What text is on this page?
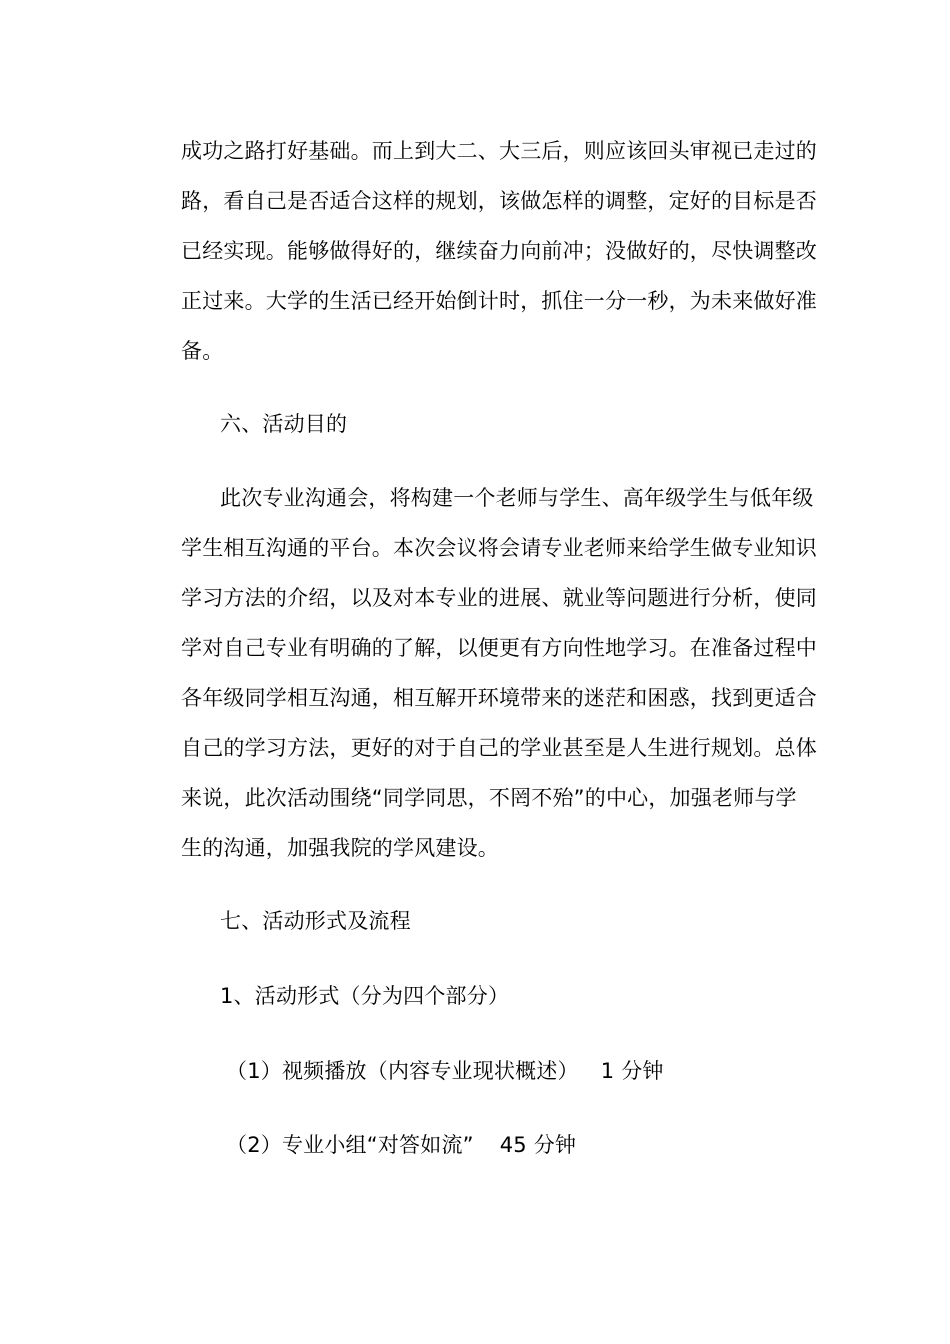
成功之路打好基础。而上到大二、大三后，则应该回头审视已走过的
路，看自己是否适合这样的规划，该做怎样的调整，定好的目标是否
已经实现。能够做得好的，继续奋力向前冲；没做好的，尽快调整改
正过来。大学的生活已经开始倒计时，抓住一分一秒，为未来做好准
备。
六、活动目的
此次专业沟通会，将构建一个老师与学生、高年级学生与低年级
学生相互沟通的平台。本次会议将会请专业老师来给学生做专业知识
学习方法的介绍，以及对本专业的进展、就业等问题进行分析，使同
学对自己专业有明确的了解，以便更有方向性地学习。在准备过程中
各年级同学相互沟通，相互解开环境带来的迷茫和困惑，找到更适合
自己的学习方法，更好的对于自己的学业甚至是人生进行规划。总体
来说，此次活动围绕“同学同思，不罔不殆”的中心，加强老师与学
生的沟通，加强我院的学风建设。
七、活动形式及流程
1、活动形式（分为四个部分）
（1）视频播放（内容专业现状概述） 1 分钟
（2）专业小组“对答如流” 45 分钟
